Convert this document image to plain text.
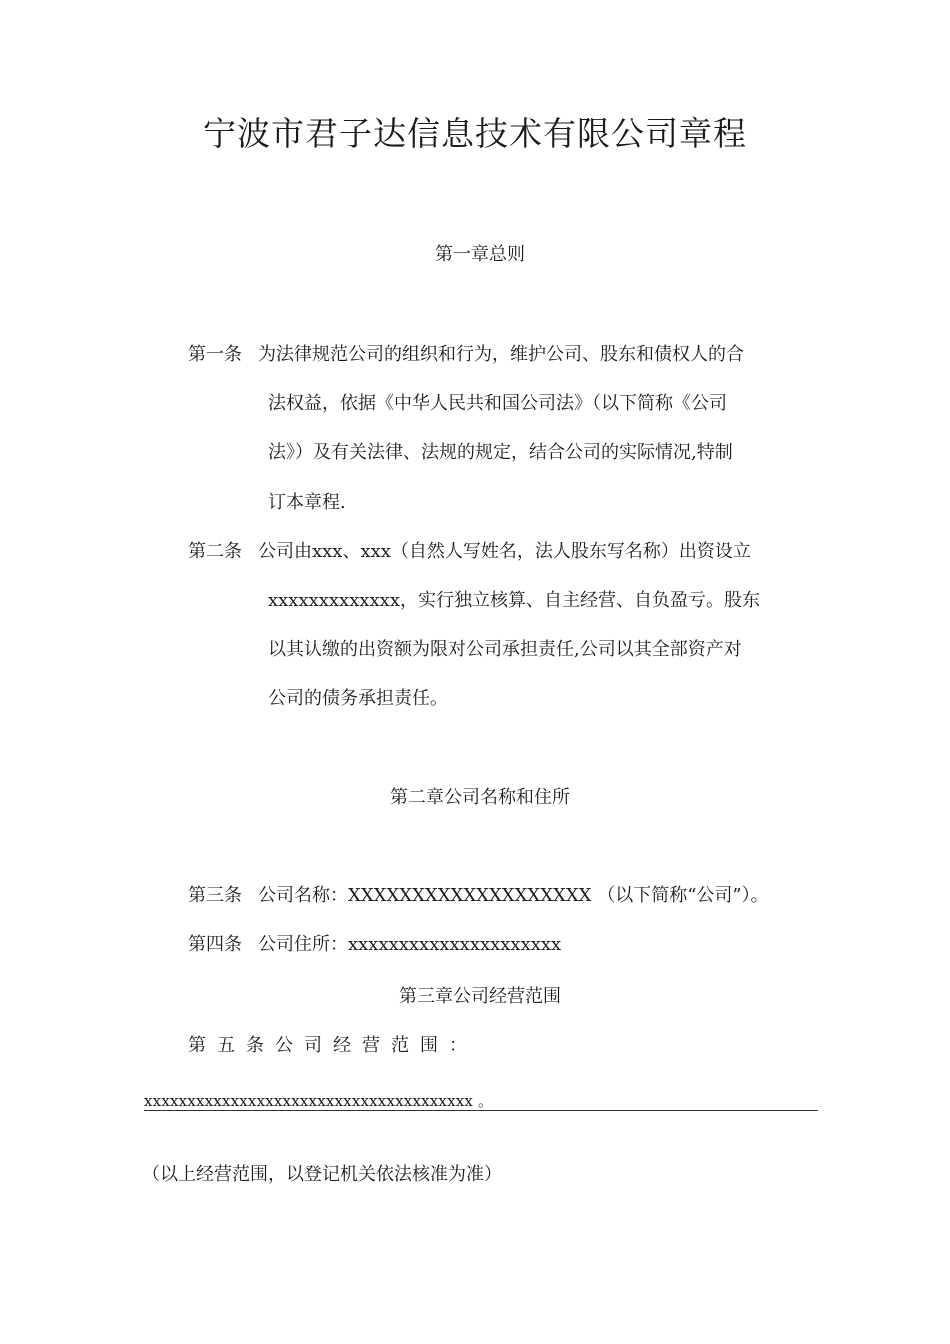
宁波市君子达信息技术有限公司章程
第一章总则
第一条 为法律规范公司的组织和行为，维护公司、股东和债权人的合
法权益，依据《中华人民共和国公司法》（以下简称《公司
法》）及有关法律、法规的规定，结合公司的实际情况,特制
订本章程.
第二条 公司由xxx、xxx（自然人写姓名，法人股东写名称）出资设立
xxxxxxxxxxxxx，实行独立核算、自主经营、自负盈亏。股东
以其认缴的出资额为限对公司承担责任,公司以其全部资产对
公司的债务承担责任。
第二章公司名称和住所
第三条 公司名称：XXXXXXXXXXXXXXXXXXX （以下简称“公司”）。
第四条 公司住所：xxxxxxxxxxxxxxxxxxxxx
第三章公司经营范围
第五条公司经营范围：
xxxxxxxxxxxxxxxxxxxxxxxxxxxxxxxxxxxxxx 。
（以上经营范围，以登记机关依法核准为准）
